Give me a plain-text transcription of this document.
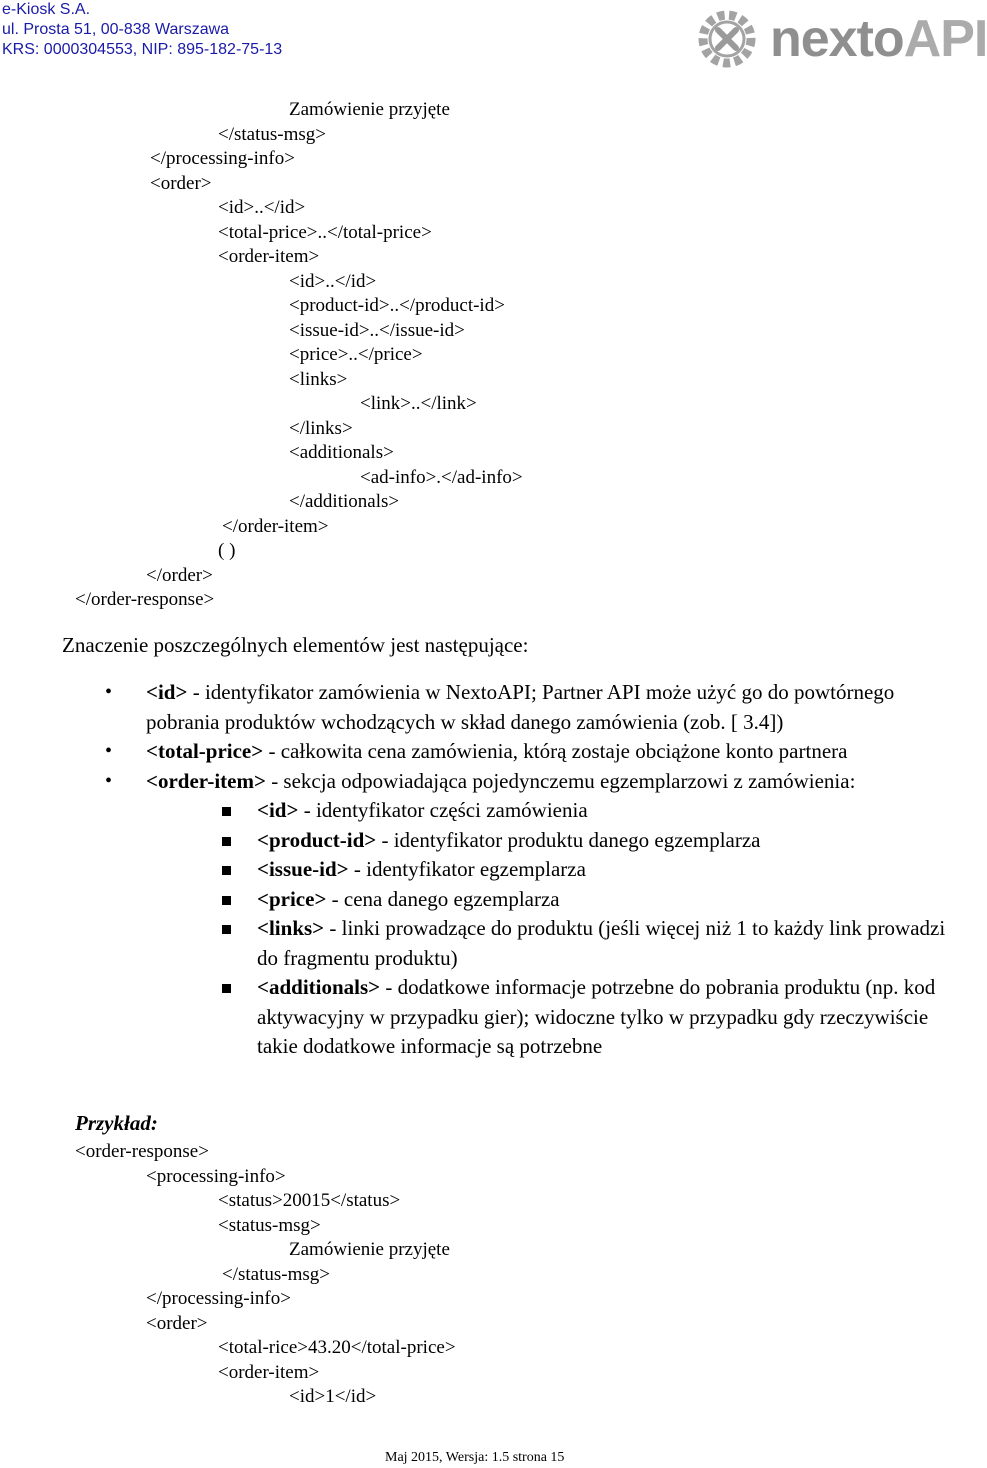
e-Kiosk S.A.
ul. Prosta 51, 00-838 Warszawa
KRS: 0000304553, NIP: 895-182-75-13	nextoAPI
Zamówienie przyjęte
</status-msg>
</processing-info>
<order>
<id>..</id>
<total-price>..</total-price>
<order-item>
<id>..</id>
<product-id>..</product-id>
<issue-id>..</issue-id>
<price>..</price>
<links>
<link>..</link>
</links>
<additionals>
<ad-info>.</ad-info>
</additionals>
</order-item>
( )
</order>
</order-response>
Znaczenie poszczególnych elementów jest następujące:
• <id> - identyfikator zamówienia w NextoAPI; Partner API może użyć go do powtórnego pobrania produktów wchodzących w skład danego zamówienia (zob. [ 3.4])
• <total-price> - całkowita cena zamówienia, którą zostaje obciążone konto partnera
• <order-item> - sekcja odpowiadająca pojedynczemu egzemplarzowi z zamówienia:
<id> - identyfikator części zamówienia
<product-id> - identyfikator produktu danego egzemplarza
<issue-id> - identyfikator egzemplarza
<price> - cena danego egzemplarza
<links> - linki prowadzące do produktu (jeśli więcej niż 1 to każdy link prowadzi do fragmentu produktu)
<additionals> - dodatkowe informacje potrzebne do pobrania produktu (np. kod aktywacyjny w przypadku gier); widoczne tylko w przypadku gdy rzeczywiście takie dodatkowe informacje są potrzebne
Przykład:
<order-response>
<processing-info>
<status>20015</status>
<status-msg>
Zamówienie przyjęte
</status-msg>
</processing-info>
<order>
<total-rice>43.20</total-price>
<order-item>
<id>1</id>
Maj 2015, Wersja: 1.5 strona 15
